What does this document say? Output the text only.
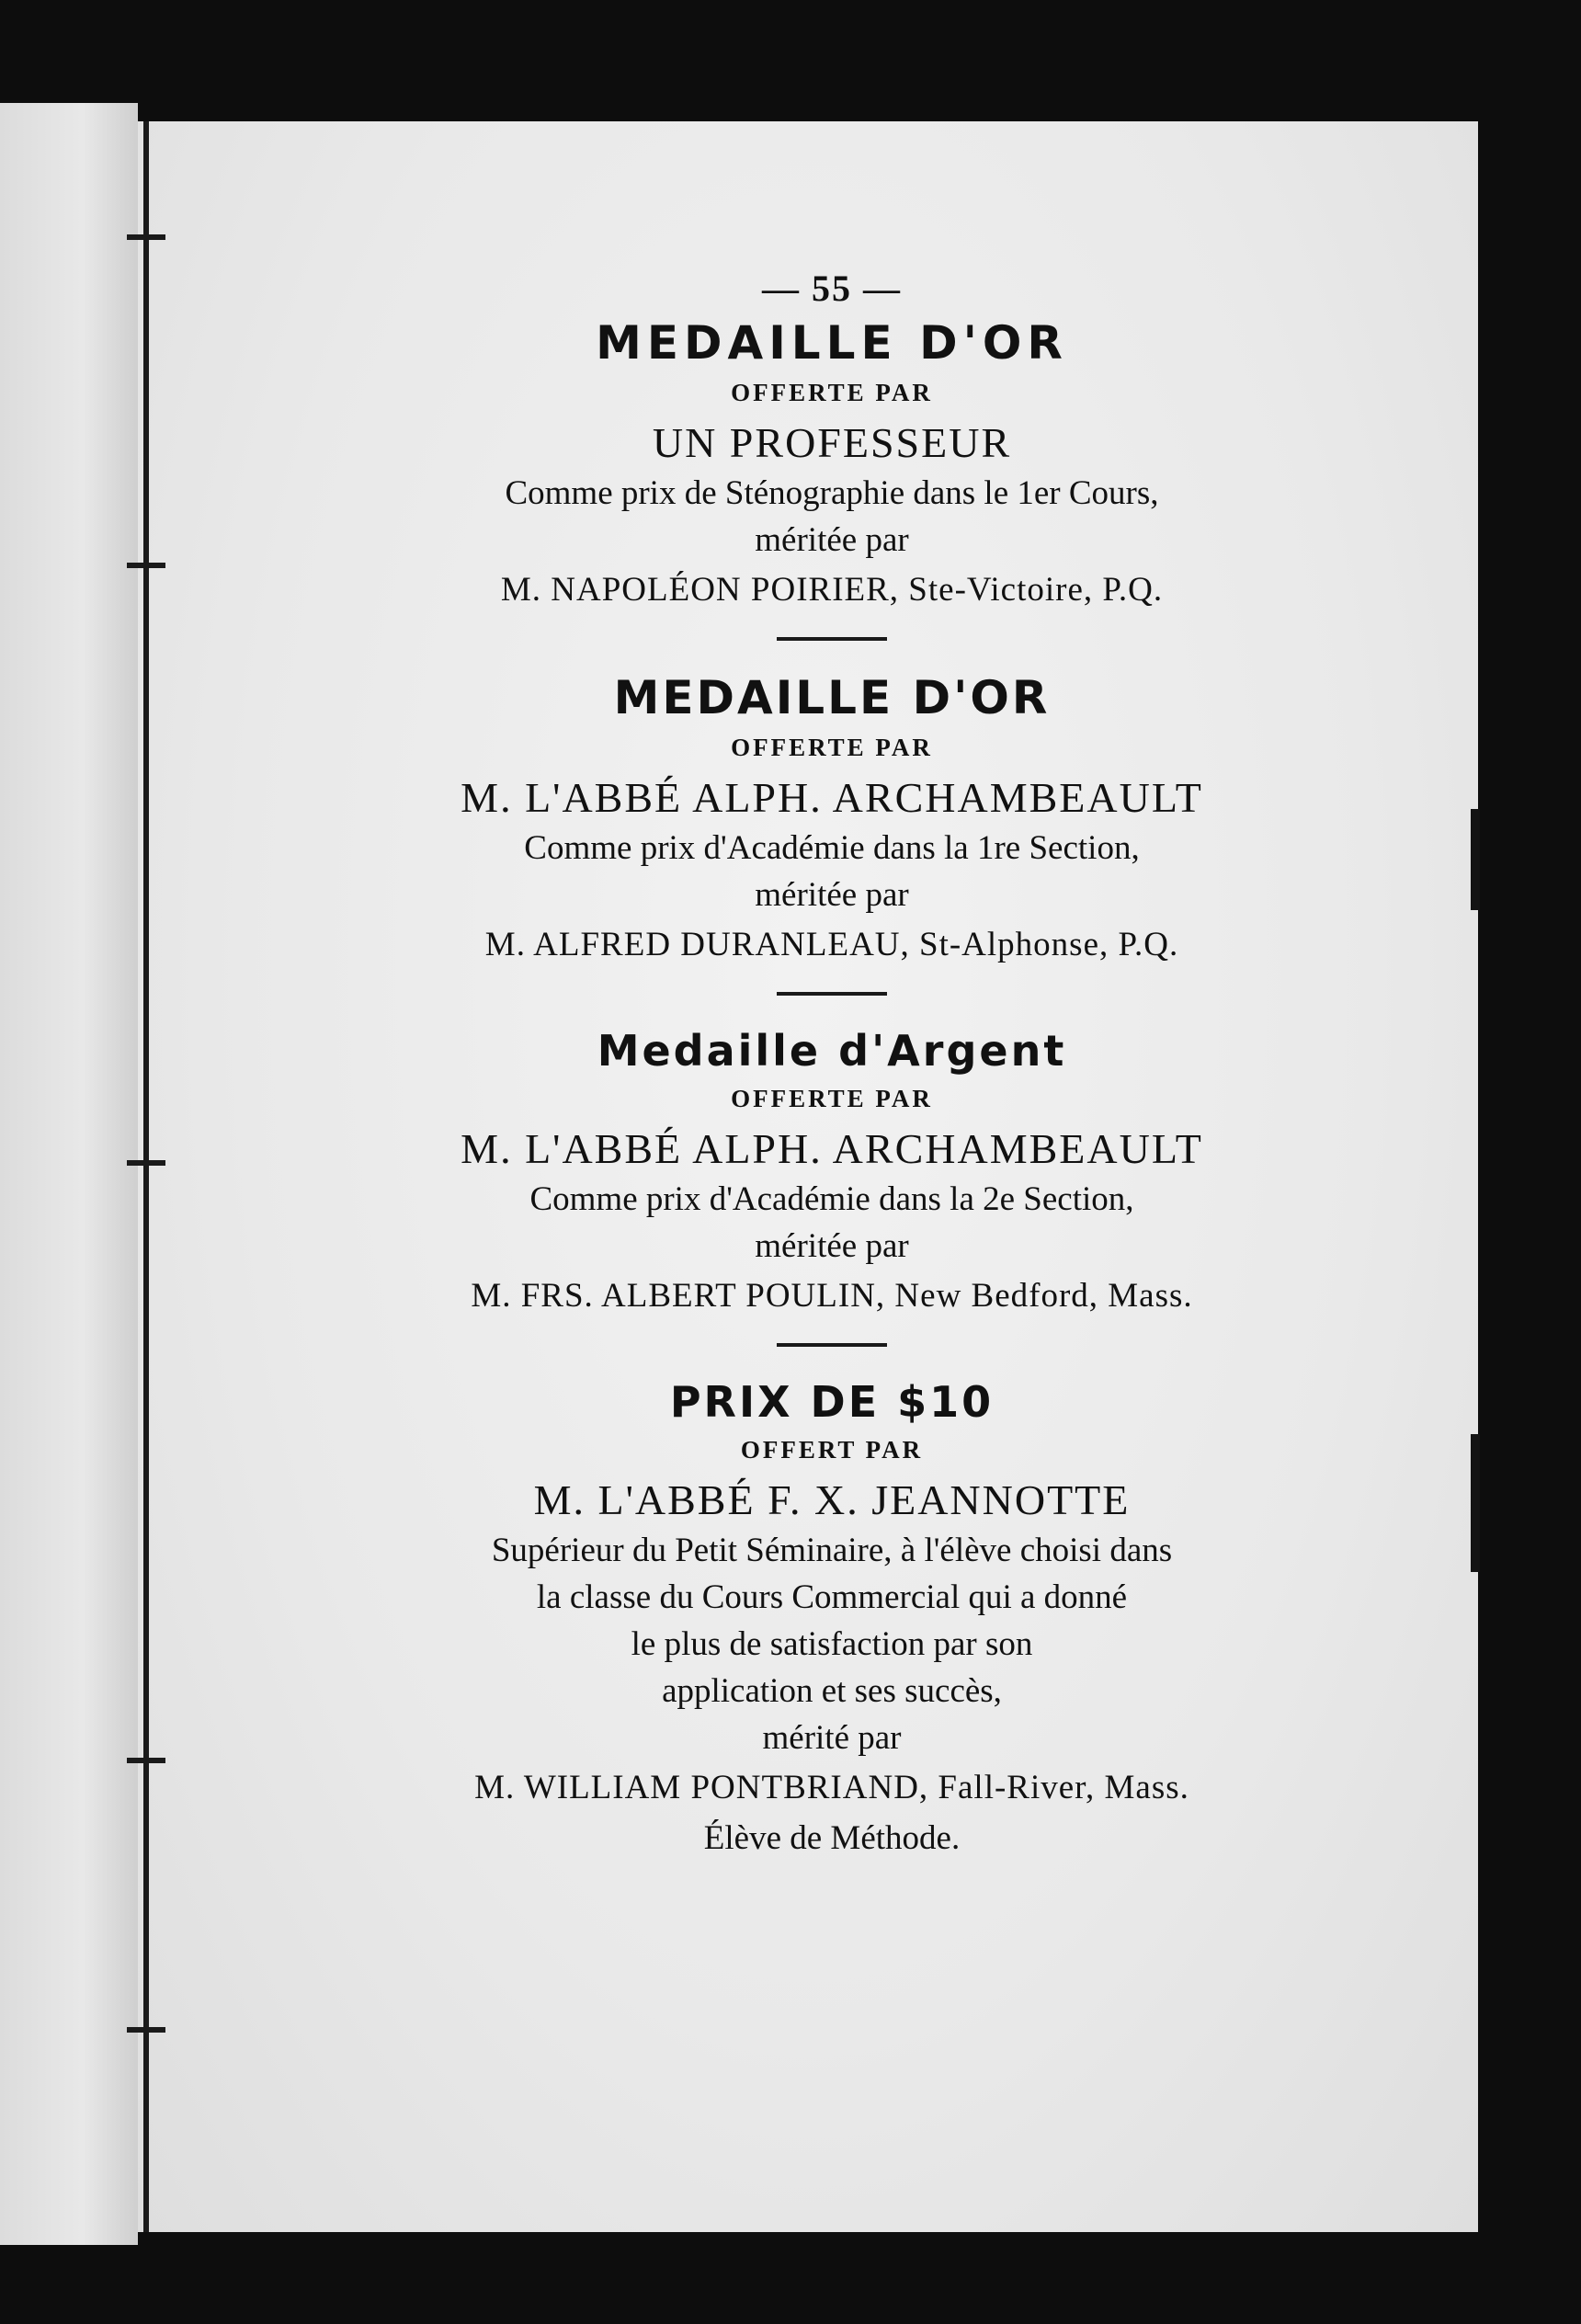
— 55 —
MEDAILLE D'OR
OFFERTE PAR
UN PROFESSEUR
Comme prix de Sténographie dans le 1er Cours,
méritée par
M. NAPOLÉON POIRIER, Ste-Victoire, P.Q.
MEDAILLE D'OR
OFFERTE PAR
M. L'ABBÉ ALPH. ARCHAMBEAULT
Comme prix d'Académie dans la 1re Section,
méritée par
M. ALFRED DURANLEAU, St-Alphonse, P.Q.
Medaille d'Argent
OFFERTE PAR
M. L'ABBÉ ALPH. ARCHAMBEAULT
Comme prix d'Académie dans la 2e Section,
méritée par
M. FRS. ALBERT POULIN, New Bedford, Mass.
PRIX DE $10
OFFERT PAR
M. L'ABBÉ F. X. JEANNOTTE
Supérieur du Petit Séminaire, à l'élève choisi dans
la classe du Cours Commercial qui a donné
le plus de satisfaction par son
application et ses succès,
mérité par
M. WILLIAM PONTBRIAND, Fall-River, Mass.
Élève de Méthode.
